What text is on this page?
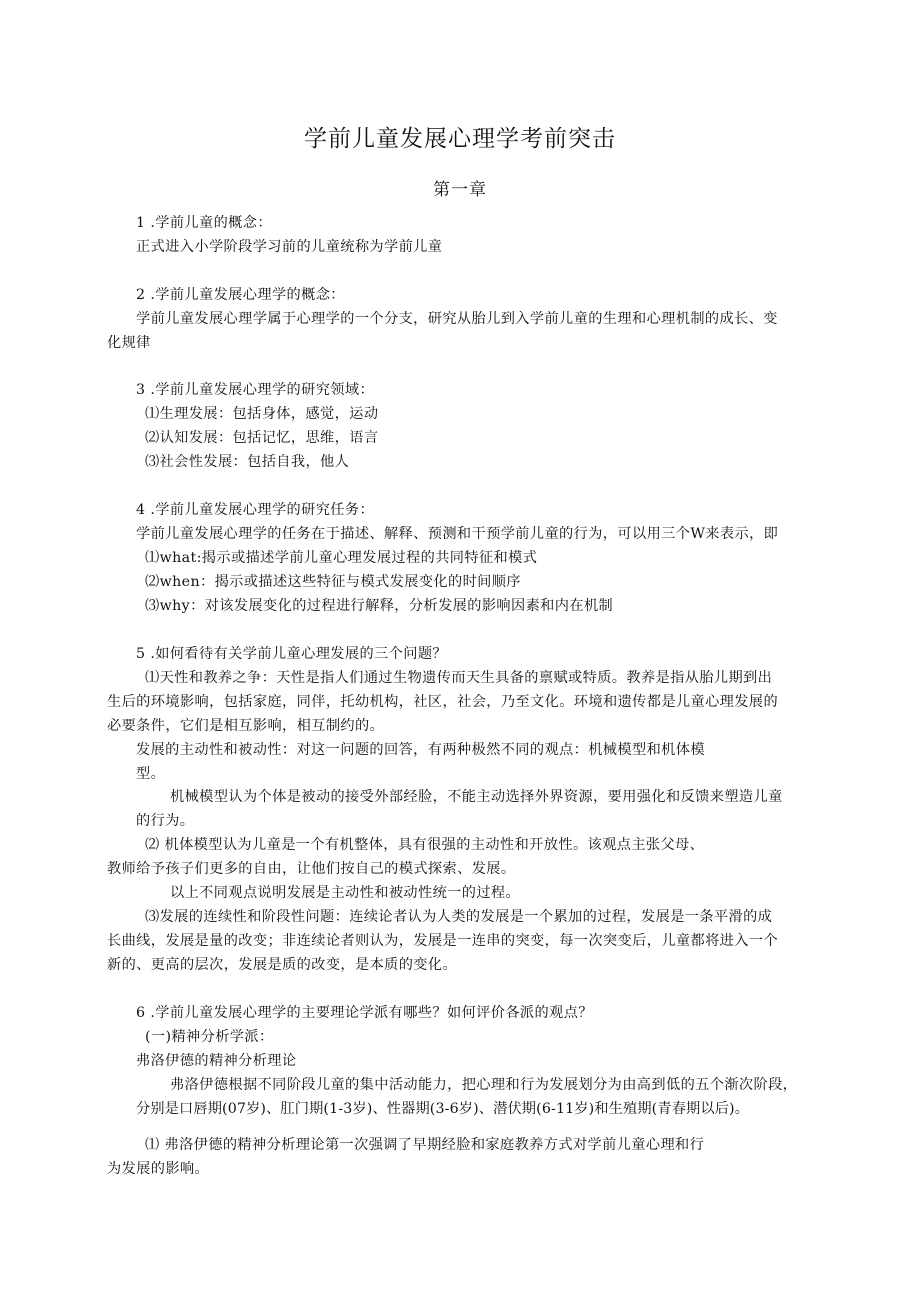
学前儿童发展心理学考前突击
第一章
1 .学前儿童的概念：
正式进入小学阶段学习前的儿童统称为学前儿童
2 .学前儿童发展心理学的概念：
学前儿童发展心理学属于心理学的一个分支，研究从胎儿到入学前儿童的生理和心理机制的成长、变
化规律
3 .学前儿童发展心理学的研究领域：
⑴生理发展：包括身体，感觉，运动
⑵认知发展：包括记忆，思维，语言
⑶社会性发展：包括自我，他人
4 .学前儿童发展心理学的研究任务：
学前儿童发展心理学的任务在于描述、解释、预测和干预学前儿童的行为，可以用三个W来表示，即
⑴what:揭示或描述学前儿童心理发展过程的共同特征和模式
⑵when：揭示或描述这些特征与模式发展变化的时间顺序
⑶why：对该发展变化的过程进行解释，分析发展的影响因素和内在机制
5 .如何看待有关学前儿童心理发展的三个问题？
⑴天性和教养之争：天性是指人们通过生物遗传而天生具备的禀赋或特质。教养是指从胎儿期到出
生后的环境影响，包括家庭，同伴，托幼机构，社区，社会，乃至文化。环境和遗传都是儿童心理发展的
必要条件，它们是相互影响，相互制约的。
发展的主动性和被动性：对这一问题的回答，有两种极然不同的观点：机械模型和机体模
型。
机械模型认为个体是被动的接受外部经脸，不能主动选择外界资源，要用强化和反馈来塑造儿童
的行为。
⑵ 机体模型认为儿童是一个有机整体，具有很强的主动性和开放性。该观点主张父母、
教师给予孩子们更多的自由，让他们按自己的模式探索、发展。
以上不同观点说明发展是主动性和被动性统一的过程。
⑶发展的连续性和阶段性问题：连续论者认为人类的发展是一个累加的过程，发展是一条平滑的成
长曲线，发展是量的改变；非连续论者则认为，发展是一连串的突变，每一次突变后，儿童都将进入一个
新的、更高的层次，发展是质的改变，是本质的变化。
6 .学前儿童发展心理学的主要理论学派有哪些？如何评价各派的观点？
(一)精神分析学派：
弗洛伊德的精神分析理论
弗洛伊德根据不同阶段儿童的集中活动能力，把心理和行为发展划分为由高到低的五个渐次阶段，
分别是口唇期(07岁)、肛门期(1-3岁)、性器期(3-6岁)、潜伏期(6-11岁)和生殖期(青春期以后)。
⑴ 弗洛伊德的精神分析理论第一次强调了早期经脸和家庭教养方式对学前儿童心理和行
为发展的影响。
